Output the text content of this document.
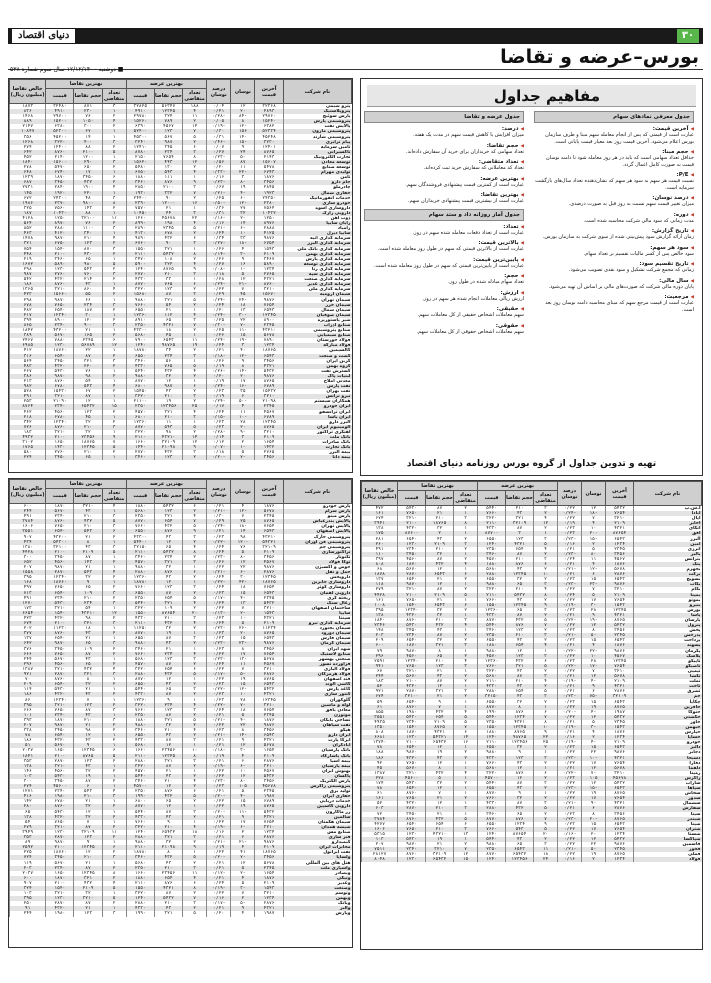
۳۰
دنیای اقتصاد
بورس–عرضه و تقاضا
■ دوشنبه ۱۲/۱۲/۱۴۰۰ سال سوم شماره ۵۳۸
نام شرکت	آخرین قیمت	نوسان	درصد نوسان	بهترین عرضه			بهترین تقاضا			خالص تقاضا (میلیون ریال)
				تعداد متقاضی	حجم تقاضا	قیمت	تعداد متقاضی	حجم تقاضا	قیمت	
پترو شیمی	۳۲۳۶۸	۱۲	۰/۰۴	۱۸۸	۵۶۳۴۷	۳۲۸۲۵	۳	۸۷۱	۳۲۴۸۰	۱۸۷۳
پتروپلاستیک	۴۸۹۳	۲۰	۰/۴۱	۴	۱۲۳۴۵	۴۹۱۰	۱	۲۳۰	۴۹۱۰	۸۳۶
پارس سوئیچ	۲۹۷۶۰	-۸۴	-۰/۲۸	۱۱	۳۲۴	۲۹۷۸۰	۲	۷۶	۲۹۷۰۰	۱۴۶۸
پتروشیمی پارس	۱۵۲۴۰	۸	۰/۰۵	۲	۷۸۹	۱۵۲۶۰	۴	۱۰۵۰	۱۵۲۰۰	۸۸۹
پالایش نفت	۶۳۸۲	-۱۲	-۰/۱۹	۱۴	۴۵۶۷	۶۳۹۰	۲	۳۰۰	۶۳۸۰	۲۱۴۷
پتروشیمی مارون	۵۲۳۳۴	۱۵۶	۰/۳۰	۷	۱۲۳	۵۲۴۰۰	۱	۶۷	۵۲۳۰۰	۱۰۸۴۷
پتروشیمی شازند	۴۵۲۴۸	۱۴۰	۰/۳۱	۵	۵۶۷	۴۵۳۰۰	۱	۱۴	۴۵۲۰۰	۳۵۶
پیام ترابری	۳۲۳۰	-۱۵	-۰/۴۶	۲	۹۸۷	۳۲۴۰	۳	۴۰۰	۳۲۲۰	۱۲۶۸
تامین سرمایه	۱۲۴۰۱	۹	۰/۰۷	۶	۳۴۵	۱۲۴۱۰	۲	۸۸	۱۲۴۰۰	۲۷۴
تاکسیرانی	۸۷۶۵	۲۴	۰/۲۷	۳	۲۳۴	۸۷۸۰	۵	۲۱۰۰	۸۷۶۰	۶۴۲
تجارت الکترونیک	۲۱۴۳	-۵	-۰/۲۳	۸	۷۶۵۴	۲۱۵۰	۱	۱۲۰۰	۲۱۴۰	۴۵۲
توسعه معادن	۱۵۶۰۷	۸۷	۰/۵۶	۱۲	۴۴۳	۱۵۶۲۰	۳	۲۹۰	۱۵۶۰۰	۱۸۴۰
توسعه صنایع	۵۴۷۸	۱۱	۰/۲۰	۲	۱۳۰	۵۴۸۰	۲	۶۵۰	۵۴۷۰	۲۷۸
تولیدی مهرام	۶۷۴۳	-۲۲	-۰/۳۳	۴	۵۴۳	۶۷۵۰	۱	۱۷	۶۷۴۰	۶۴۸
ثامن	۱۸۷۶	۳	۰/۱۶	۱	۱۱۱	۱۸۸۰	۶	۳۴۵۰	۱۸۷۰	۱۲۳۹
جام دارو	۳۴۵۶	-۸	-۰/۲۳	۹	۸۷۶	۳۴۶۰	۲	۴۳۲	۳۴۵۰	۶۸۷
چادرملو	۲۸۴۵	۱۹	۰/۶۷	۳	۲۱۰۰	۲۸۵۰	۴	۱۹۰۰	۲۸۴۰	۲۷۳۱
حفاری شمال	۱۹۲۳	-۴	-۰/۲۱	۷	۳۳۲	۱۹۳۰	۱	۲۲۰	۱۹۲۰	۱۴۵
خدمات انفورماتیک	۲۴۳۵۰	۶۰	۰/۲۵	۲	۹۰	۲۴۴۰۰	۳	۴۸	۲۴۳۰۰	۶۷۲
خودرو سازی	۲۳۸۰	-۱۲	-۰/۵۰	۱۶	۱۲۰۰۰	۲۳۹۰	۸	۹۸۰۰	۲۳۷۰	۱۹۸۶
داروسازی اسوه	۷۵۶۴	۲۷	۰/۳۶	۱	۲۱	۷۵۷۰	۲	۱۴۳	۷۵۶۰	۳۲۵
دارویی رازک	۱۰۴۳۲	۳۲	۰/۳۱	۳	۴۴	۱۰۴۵۰	۱	۸۸	۱۰۴۳۰	۱۸۷
ذوب آهن	۱۲۵۰	-۲	-۰/۱۶	۲۲	۴۵۶۷۸	۱۲۶۰	۱۱	۳۲۱۰۰	۱۲۵۰	۴۱۲۸
رایان سایپا	۸۹۷۶	۱۴	۰/۱۶	۴	۱۹۸	۸۹۹۰	۲	۷۶	۸۹۷۰	۵۶۴
زامیاد	۲۸۸۸	-۶	-۰/۲۱	۵	۲۳۴۵	۲۸۹۰	۳	۱۱۰۰	۲۸۸۰	۸۵۲
سایپا دیزل	۴۱۲۵	۱۰	۰/۲۴	۲	۶۷۸	۴۱۳۰	۱	۳۴۰	۴۱۲۰	۴۶۳
سرمایه گذاری آتیه	۹۸۷۶	۳۳	۰/۳۴	۶	۴۳۲	۹۸۹۰	۴	۲۱۰	۹۸۷۰	۱۴۷۸
سرمایه گذاری البرز	۶۷۵۴	-۱۸	-۰/۲۷	۳	۹۰	۶۷۶۰	۲	۱۲۳	۶۷۵۰	۳۲۱
سرمایه گذاری بانک ملی	۱۵۴۳	۴	۰/۲۶	۱	۳۲۱	۱۵۵۰	۳	۸۷۰	۱۵۴۰	۷۵۴
سرمایه گذاری بهمن	۲۱۰۹	-۳	-۰/۱۴	۸	۵۴۳۲	۲۱۱۰	۲	۴۳۰	۲۱۰۰	۴۴۸
سرمایه گذاری پارس	۳۴۶۷	۹	۰/۲۶	۲	۱۰۸	۳۴۷۰	۱	۶۵	۳۴۶۰	۲۱۹
سرمایه گذاری توسعه	۵۸۹۰	۱۶	۰/۲۷	۴	۳۲۲	۵۹۰۰	۵	۹۸۰	۵۸۹۰	۱۶۷۲
سرمایه گذاری رنا	۱۲۳۴	-۱	-۰/۰۸	۹	۸۷۶۵	۱۲۴۰	۲	۵۴۳	۱۲۳۰	۲۹۸
سرمایه گذاری سپه	۲۷۶۵	۵	۰/۱۸	۳	۲۱۰	۲۷۷۰	۳	۷۶۰	۲۷۶۰	۹۸۷
سرمایه گذاری صنعت	۴۳۲۱	۱۲	۰/۲۸	۱	۳۳	۴۳۳۰	۲	۲۱۴	۴۳۲۰	۵۴۲
سرمایه گذاری غدیر	۸۷۶۰	-۲۱	-۰/۲۴	۶	۷۶۵	۸۷۷۰	۱	۴۳	۸۷۶۰	۱۸۶
سرمایه گذاری ملی	۳۲۱۰	۷	۰/۲۲	۲	۱۲۳	۳۲۲۰	۴	۸۶۰	۳۲۱۰	۱۳۶۵
سیمان ارومیه	۱۵۶۷۰	۴۵	۰/۲۹	۳	۸۷	۱۵۶۸۰	۲	۵۵	۱۵۶۶۰	۴۲۳
سیمان تهران	۹۸۷۶	-۲۴	-۰/۲۴	۵	۳۲۱	۹۸۸۰	۱	۶۶	۹۸۷۰	۲۹۸
سیمان خزر	۷۶۵۴	۱۸	۰/۲۴	۲	۵۴	۷۶۶۰	۳	۲۳۴	۷۶۵۰	۶۷۸
سیمان شمال	۶۵۴۳	۱۳	۰/۲۰	۱	۲۱	۶۵۵۰	۲	۱۸۷	۶۵۴۰	۴۸۲
سیمان صوفیان	۱۲۳۴۵	-۳۰	-۰/۲۴	۴	۱۱۲	۱۲۳۶۰	۱	۳۰	۱۲۳۴۰	۲۱۷
شیر پاستوریزه	۸۹۰۰	۲۲	۰/۲۵	۳	۶۵	۸۹۱۰	۲	۱۲۰	۸۹۰۰	۳۹۴
صنایع آذرآب	۲۳۴۵	-۷	-۰/۳۰	۷	۴۳۲۱	۲۳۵۰	۳	۹۰۰	۲۳۴۰	۸۶۵
صنایع پتروشیمی	۴۳۲۱۰	۱۱۰	۰/۲۵	۲	۱۸	۴۳۳۰۰	۱	۲۱	۴۳۲۰۰	۱۸۴۲
صنایع شیمیایی	۵۶۷۸	۱۵	۰/۲۶	۱	۴۵	۵۶۸۰	۲	۱۶۵	۵۶۷۰	۳۸۹
فولاد خوزستان	۷۸۹۰	-۱۹	-۰/۲۴	۱۱	۶۵۴۳	۷۹۰۰	۶	۲۳۴۵	۷۸۸۰	۲۴۶۷
فولاد مبارکه	۱۲۳۴	۳	۰/۲۴	۱۹	۹۸۷۶۵	۱۲۴۰	۱۲	۵۶۷۸۹	۱۲۳۰	۶۹۸۵
کالسیمین	۱۸۷۶۵	۴۰	۰/۲۱	۲	۳۴	۱۸۷۸۰	۱	۲۲	۱۸۷۶۰	۴۱۲
کشت و صنعت	۶۵۴۳	-۱۲	-۰/۱۸	۳	۲۳۴	۶۵۵۰	۲	۸۷	۶۵۴۰	۳۱۶
کربن ایران	۳۴۵۶	۹	۰/۲۶	۱	۵۶	۳۴۶۰	۳	۳۲۱	۳۴۵۰	۵۶۴
گروه بهمن	۴۳۲۱	۸	۰/۱۹	۵	۷۶۵	۴۳۳۰	۲	۲۲۰	۴۳۲۰	۴۸۳
گسترش نفت	۵۴۳۲	-۱۴	-۰/۲۶	۴	۴۳۲	۵۴۴۰	۱	۷۶	۵۴۳۰	۲۶۷
لبنیات پاک	۹۸۷۶	۲۰	۰/۲۰	۲	۳۲	۹۸۸۰	۲	۹۸	۹۸۷۰	۳۸۶
معدنی املاح	۸۷۶۵	۱۷	۰/۱۹	۱	۱۲	۸۷۷۰	۱	۵۴	۸۷۶۰	۲۱۳
نفت پارس	۶۷۸۹	-۱۶	-۰/۲۴	۶	۹۸۷	۶۸۰۰	۴	۵۴۳	۶۷۸۰	۹۸۲
نفت بهران	۱۵۴۳۲	۳۵	۰/۲۳	۲	۴۳	۱۵۴۵۰	۲	۶۷	۱۵۴۳۰	۵۲۸
نیرو ترانس	۳۲۱۰	۶	۰/۱۹	۳	۲۱۰	۳۲۲۰	۱	۸۷	۳۲۱۰	۲۹۱
همکاران سیستم	۲۱۰۹۸	-۵۰	-۰/۲۴	۲	۱۹	۲۱۱۰۰	۱	۱۲	۲۱۰۹۰	۲۵۳
ایران خودرو	۲۳۴۵	۴	۰/۱۷	۲۵	۱۲۳۴۵۶	۲۳۵۰	۱۵	۶۵۴۳۲	۲۳۴۰	۸۷۶۴
ایران ترانسفو	۴۵۶۷	۱۱	۰/۲۴	۴	۳۲۱	۴۵۷۰	۲	۱۲۳	۴۵۶۰	۴۶۲
ایران یاسا	۶۷۸۹	-۱۰	-۰/۱۵	۳	۲۱۰	۶۸۰۰	۱	۴۵	۶۷۸۰	۲۱۸
البرز دارو	۱۲۳۴۵	۲۸	۰/۲۳	۱	۱۱	۱۲۳۶۰	۲	۳۲	۱۲۳۴۰	۳۴۲
آلومینیوم ایران	۸۷۶۵	۲۰	۰/۲۳	۵	۵۴۳	۸۷۷۰	۳	۲۱۰	۸۷۶۰	۷۲۶
آهنگری تراکتور	۳۲۱۰	-۹	-۰/۲۸	۲	۹۸	۳۲۲۰	۱	۳۲	۳۲۱۰	۱۸۳
بانک ملت	۲۱۰۹	۳	۰/۱۴	۱۴	۴۳۲۱۰	۲۱۱۰	۹	۲۳۴۵۶	۲۱۰۰	۴۹۳۲
بانک صادرات	۱۶۵۴	۲	۰/۱۲	۱۲	۳۲۱۰۹	۱۶۶۰	۷	۱۸۷۶۵	۱۶۵۰	۳۱۰۲
بانک تجارت	۱۴۳۲	-۱	-۰/۰۷	۹	۲۱۰۹۸	۱۴۴۰	۵	۱۲۳۴۵	۱۴۳۰	۱۷۶۵
بیمه البرز	۲۷۶۵	۵	۰/۱۸	۳	۴۳۲	۲۷۷۰	۲	۲۱۰	۲۷۶۰	۵۸۰
بیمه دانا	۳۴۵۶	-۷	-۰/۲۰	۲	۱۲۳	۳۴۶۰	۱	۶۵	۳۴۵۰	۲۲۴
نام شرکت	آخرین قیمت	نوسان	درصد نوسان	بهترین عرضه			بهترین تقاضا			خالص تقاضا (میلیون ریال)
				تعداد متقاضی	حجم تقاضا	قیمت	تعداد متقاضی	حجم تقاضا	قیمت	
پارس خودرو	۱۸۷۶	۴	۰/۲۱	۶	۵۴۳۲	۱۸۸۰	۴	۳۲۱۰	۱۸۷۰	۶۰۰
پارس سرام	۵۶۷۸	-۱۲	-۰/۲۱	۲	۱۲۳	۵۶۸۰	۱	۴۳	۵۶۷۰	۲۴۴
پارس مینو	۲۳۴۵	۷	۰/۳۰	۴	۳۲۱	۲۳۵۰	۳	۲۱۰	۲۳۴۰	۴۹۱
پالایش بندرعباس	۸۷۶۵	۲۵	۰/۲۹	۷	۶۵۴	۸۷۷۰	۵	۴۳۲	۸۷۶۰	۳۷۸۴
پالایش تهران	۷۶۵۴	-۱۸	-۰/۲۴	۵	۴۳۲	۷۶۶۰	۳	۲۱۰	۷۶۵۰	۱۶۰۶
پالایش اصفهان	۶۵۴۳	۱۴	۰/۲۱	۹	۸۷۶	۶۵۵۰	۶	۵۴۳	۶۵۴۰	۳۵۵۱
پتروشیمی خارک	۴۳۲۱۰	۹۸	۰/۲۳	۳	۴۳	۴۳۳۰۰	۲	۲۱	۴۳۲۰۰	۹۰۷
پتروشیمی فن آوران	۵۴۳۲۱	-۱۲۰	-۰/۲۲	۲	۱۲	۵۴۴۰۰	۱	۸	۵۴۳۰۰	۴۳۴
پتروشیمی جم	۳۲۱۰۹	۷۶	۰/۲۴	۴	۶۵	۳۲۱۵۰	۳	۴۳	۳۲۱۰۰	۱۳۸۰
تراکتورسازی	۲۱۰۹	۵	۰/۲۴	۸	۵۴۳۲	۲۱۱۰	۵	۲۱۰۹	۲۱۰۰	۴۴۲۸
تکنوتار	۳۴۵۶	-۸	-۰/۲۳	۲	۲۳۴	۳۴۶۰	۱	۸۷	۳۴۵۰	۳۰۰
توکا فولاد	۴۵۶۷	۱۲	۰/۲۶	۳	۳۲۱	۴۵۷۰	۲	۱۴۳	۴۵۶۰	۶۵۲
جوش و اکسیژن	۹۸۷۶	۲۲	۰/۲۲	۱	۳۲	۹۸۸۰	۱	۲۱	۹۸۷۰	۲۰۷
حمل و نقل	۲۸۷۶	-۶	-۰/۲۱	۶	۸۷۶	۲۸۸۰	۴	۵۴۳	۲۸۷۰	۱۵۵۸
داروپخش	۱۲۳۴۵	۳۰	۰/۲۴	۲	۴۳	۱۲۳۶۰	۲	۳۲	۱۲۳۴۰	۳۹۵
داروسازی جابربن	۱۸۷۶۵	-۴۲	-۰/۲۲	۱	۱۲	۱۸۷۸۰	۱	۹	۱۸۷۶۰	۱۶۸
داروسازی کوثر	۷۶۵۴	۱۸	۰/۲۴	۳	۱۲۳	۷۶۶۰	۲	۶۵	۷۶۵۰	۴۹۷
دارویی لقمان	۶۵۴۳	۱۵	۰/۲۳	۲	۸۷	۶۵۵۰	۳	۱۰۹	۶۵۴۰	۷۱۳
ریخته گری	۲۳۴۵	-۴	-۰/۱۷	۵	۶۵۴	۲۳۵۰	۲	۲۱۰	۲۳۴۰	۴۹۱
زغال سنگ	۵۴۳۲	۱۳	۰/۲۴	۴	۳۲۱	۵۴۴۰	۳	۲۳۴	۵۴۳۰	۱۲۷۰
ساختمان اصفهان	۳۲۱۰	۷	۰/۲۲	۲	۱۰۹	۳۲۲۰	۱	۵۴	۳۲۱۰	۱۷۳
سایپا	۱۵۴۳	-۲	-۰/۱۳	۲۰	۸۷۶۵۴	۱۵۵۰	۱۲	۴۳۲۱۰	۱۵۴۰	۶۶۵۴
سپنتا	۴۳۲۱	۱۰	۰/۲۳	۳	۲۱۰	۴۳۳۰	۲	۹۸	۴۳۲۰	۴۲۳
سرمایه گذاری نیرو	۲۱۰۹	۵	۰/۲۴	۴	۴۳۲	۲۱۱۰	۳	۳۲۱	۲۱۰۰	۶۷۴
سیمان بجنورد	۱۱۲۳۴	-۲۶	-۰/۲۳	۲	۳۲	۱۱۲۵۰	۱	۱۸	۱۱۲۳۰	۲۰۲
سیمان دورود	۸۷۶۵	۲۰	۰/۲۳	۱	۱۹	۸۷۷۰	۲	۴۳	۸۷۶۰	۳۷۷
سیمان فارس	۶۵۴۳	۱۵	۰/۲۳	۳	۸۷	۶۵۵۰	۱	۲۱	۶۵۴۰	۱۳۷
سیمان کرمان	۹۸۷۶	-۲۳	-۰/۲۳	۲	۴۳	۹۸۸۰	۳	۶۵	۹۸۷۰	۶۴۲
شهد ایران	۳۴۵۶	۸	۰/۲۳	۱	۲۱	۳۴۶۰	۲	۱۰۹	۳۴۵۰	۳۷۶
صنایع لاستیک	۷۶۵۴	۱۷	۰/۲۲	۴	۲۳۴	۷۶۶۰	۲	۸۷	۷۶۵۰	۶۶۶
صنعتی بهشهر	۵۶۷۸	-۱۳	-۰/۲۳	۳	۱۲۳	۵۶۸۰	۱	۴۳	۵۶۷۰	۲۴۴
فرآورده نسوز	۴۵۶۷	۱۱	۰/۲۴	۲	۸۷	۴۵۷۰	۲	۶۵	۴۵۶۰	۲۹۶
فولاد آلیاژی	۳۲۱۰	۷	۰/۲۲	۶	۶۵۴	۳۲۲۰	۴	۴۳۲	۳۲۱۰	۱۳۸۷
فولاد هرمزگان	۲۸۷۶	-۵	-۰/۱۷	۵	۴۳۲	۲۸۸۰	۳	۳۲۱	۲۸۷۰	۹۲۱
قند اصفهان	۸۷۶۵	۱۹	۰/۲۲	۱	۱۲	۸۷۷۰	۱	۸	۸۷۶۰	۷۰
کاشی الوند	۶۵۴۳	۱۵	۰/۲۳	۲	۴۳	۶۵۵۰	۲	۳۲	۶۵۴۰	۲۰۹
کاغذ پارس	۵۴۳۲	-۱۲	-۰/۲۲	۳	۶۵	۵۴۴۰	۱	۲۱	۵۴۳۰	۱۱۴
کنتور سازی	۴۳۲۱	۱۰	۰/۲۳	۲	۸۷	۴۳۳۰	۲	۴۳	۴۳۲۰	۱۸۶
گلوکوزان	۱۲۳۴۵	۲۸	۰/۲۳	۱	۹	۱۲۳۶۰	۱	۷	۱۲۳۴۰	۸۶
لوله و ماشین	۳۲۱۰	-۷	-۰/۲۲	۴	۲۳۴	۳۲۲۰	۲	۱۲۳	۳۲۱۰	۳۹۵
معادن بافق	۷۶۵۴	۱۸	۰/۲۴	۳	۱۲۳	۷۶۶۰	۳	۸۷	۷۶۵۰	۶۶۶
موتوژن	۲۳۴۵	۵	۰/۲۱	۲	۸۷	۲۳۵۰	۱	۴۳	۲۳۴۰	۱۰۱
نساجی بابکان	۱۸۷۶	-۴	-۰/۲۱	۵	۳۲۱	۱۸۸۰	۳	۲۱۰	۱۸۷۰	۳۹۳
نفت سپاهان	۹۸۷۶	۲۲	۰/۲۲	۲	۳۲	۹۸۸۰	۲	۲۱	۹۸۷۰	۲۰۷
هپکو	۳۴۵۶	۸	۰/۲۳	۴	۲۱۰	۳۴۶۰	۲	۹۸	۳۴۵۰	۳۳۸
ایران دارو	۶۵۴۳	-۱۴	-۰/۲۱	۲	۴۳	۶۵۵۰	۱	۱۲	۶۵۴۰	۷۸
ایرکا پارت	۴۳۲۱	۹	۰/۲۱	۳	۸۷	۴۳۳۰	۲	۴۳	۴۳۲۰	۱۸۶
آبادگران	۵۶۷۸	۱۲	۰/۲۱	۱	۱۲	۵۶۸۰	۱	۹	۵۶۷۰	۵۱
بانک پارسیان	۱۶۵۴	-۳	-۰/۱۸	۱۰	۲۳۴۵۶	۱۶۶۰	۶	۱۲۳۴۵	۱۶۵۰	۲۰۳۷
بانک پاسارگاد	۲۱۰۹	۴	۰/۱۹	۸	۱۲۳۴۵	۲۱۱۰	۵	۸۷۶۵	۲۱۰۰	۱۸۴۱
بیمه آسیا	۲۸۷۶	۶	۰/۲۱	۳	۳۲۱	۲۸۸۰	۲	۱۲۳	۲۸۷۰	۳۵۳
بیمه پارسیان	۳۲۱۰	-۶	-۰/۱۹	۲	۸۷	۳۲۲۰	۱	۴۳	۳۲۱۰	۱۳۸
بهنوش ایران	۴۵۶۷	۱۰	۰/۲۲	۱	۲۱	۴۵۷۰	۲	۳۲	۴۵۶۰	۱۴۶
پاکسان	۵۴۳۲	۱۲	۰/۲۲	۲	۴۳	۵۴۴۰	۱	۱۹	۵۴۳۰	۱۰۳
پارس الکتریک	۳۴۵۶	-۸	-۰/۲۳	۴	۲۱۰	۳۴۶۰	۲	۸۷	۳۴۵۰	۳۰۰
پتروشیمی زاگرس	۴۵۶۷۸	۱۰۵	۰/۲۳	۲	۱۲	۴۵۷۰۰	۱	۶	۴۵۶۰۰	۲۷۴
تولید برق	۲۳۴۵	۵	۰/۲۱	۶	۸۷۶	۲۳۵۰	۴	۵۴۳	۲۳۴۰	۱۲۷۱
حفاری ایران	۱۹۸۷	-۴	-۰/۲۰	۵	۴۳۲	۱۹۹۰	۳	۲۱۰	۱۹۸۰	۴۱۶
خدمات دریایی	۶۷۸۹	۱۵	۰/۲۲	۲	۶۵	۶۸۰۰	۱	۲۱	۶۷۸۰	۱۴۲
دارویی کاسپین	۸۷۶۵	۱۹	۰/۲۲	۱	۱۲	۸۷۷۰	۲	۳۲	۸۷۶۰	۲۸۰
زر ماکارون	۵۴۳۲	-۱۱	-۰/۲۰	۳	۸۷	۵۴۴۰	۱	۱۲	۵۴۳۰	۶۵
سالمین	۴۳۲۱	۹	۰/۲۱	۲	۴۳	۴۳۳۰	۲	۳۲	۴۳۲۰	۱۳۸
سیمان هگمتان	۷۶۵۴	۱۷	۰/۲۲	۱	۹	۷۶۶۰	۱	۷	۷۶۵۰	۵۴
شیشه همدان	۳۲۱۰	-۶	-۰/۱۹	۴	۲۱۰	۳۲۲۰	۲	۸۷	۳۲۱۰	۲۷۹
صنایع مس	۱۲۳۴	۲	۰/۱۶	۱۸	۶۵۴۳۲	۱۲۴۰	۱۱	۳۲۱۰۹	۱۲۳۰	۳۹۴۹
فنر سازی	۲۸۷۶	۶	۰/۲۱	۳	۳۲۱	۲۸۸۰	۲	۱۲۳	۲۸۷۰	۳۵۳
کیمیدارو	۹۸۷۶	-۲۱	-۰/۲۱	۲	۳۲	۹۸۸۰	۱	۹	۹۸۷۰	۸۹
مخابرات ایران	۲۱۰۹	۴	۰/۱۹	۹	۲۱۰۹۸	۲۱۱۰	۶	۱۲۳۴۵	۲۱۰۰	۲۵۹۲
نفت ایرانول	۱۸۷۶۵	۴۱	۰/۲۲	۱	۸	۱۸۷۸۰	۲	۱۲	۱۸۷۶۰	۲۲۵
ولساپا	۳۴۵۶	-۷	-۰/۲۰	۵	۴۳۲	۳۴۶۰	۳	۲۱۰	۳۴۵۰	۷۲۴
هتل های بین المللی	۵۶۷۸	۱۲	۰/۲۱	۲	۴۳	۵۶۸۰	۱	۲۱	۵۶۷۰	۱۱۹
واسپاری ملت	۲۳۴۵	۵	۰/۲۱	۳	۲۱۰	۲۳۵۰	۲	۸۷	۲۳۴۰	۲۰۳
وبصادر	۱۶۵۴	-۲	-۰/۱۲	۱۱	۲۳۴۵۶	۱۶۶۰	۸	۱۲۳۴۵	۱۶۵۰	۲۰۳۷
ونیکی	۱۸۷۶	۴	۰/۲۱	۴	۶۵۴	۱۸۸۰	۲	۳۲۱	۱۸۷۰	۶۰۰
وغدیر	۲۱۰۹	۵	۰/۲۴	۶	۸۷۶	۲۱۱۰	۴	۴۳۲	۲۱۰۰	۹۰۷
وصنعت	۱۵۴۳	-۳	-۰/۱۹	۸	۴۳۲۱	۱۵۵۰	۵	۲۱۰۹	۱۵۴۰	۳۲۴
وتوسم	۳۲۱۰	۷	۰/۲۲	۲	۸۷	۳۲۲۰	۱	۳۲	۳۲۱۰	۱۰۳
وبهمن	۱۲۳۴	۲	۰/۱۶	۷	۵۴۳۲	۱۲۴۰	۵	۳۲۱۰	۱۲۳۰	۳۹۵
وبانک	۲۸۷۶	-۵	-۰/۱۷	۳	۲۱۰	۲۸۸۰	۲	۸۷	۲۸۷۰	۲۵۰
والبر	۴۳۲۱	۹	۰/۲۱	۲	۴۳	۴۳۳۰	۱	۲۱	۴۳۲۰	۹۱
وپارس	۱۹۸۷	۴	۰/۲۰	۵	۳۲۱	۱۹۹۰	۳	۱۲۳	۱۹۸۰	۲۴۴
نام شرکت	آخرین قیمت	نوسان	درصد نوسان	بهترین عرضه			بهترین تقاضا			خالص تقاضا (میلیون ریال)
				تعداد متقاضی	حجم تقاضا	قیمت	تعداد متقاضی	حجم تقاضا	قیمت	
آ.س.پ	۵۴۳۲	۱۲	۰/۲۲	۳	۲۱۰	۵۴۴۰	۲	۸۷	۵۴۳۰	۴۷۲
آبادا	۷۶۵۴	-۱۸	-۰/۲۴	۲	۴۳	۷۶۶۰	۱	۲۱	۷۶۵۰	۱۶۱
اپال	۳۲۱۰	۷	۰/۲۲	۴	۳۲۱	۳۲۲۰	۳	۲۱۰	۳۲۱۰	۶۷۴
اخابر	۲۱۰۹	۴	۰/۱۹	۱۲	۳۲۱۰۹	۲۱۱۰	۸	۱۸۷۶۵	۲۱۰۰	۳۹۴۱
اتکای	۴۳۲۱	۱۰	۰/۲۳	۲	۸۷	۴۳۳۰	۱	۳۲	۴۳۲۰	۱۳۸
افق	۸۷۶۵۴	۲۰۰	۰/۲۳	۱	۳	۸۷۷۰۰	۱	۲	۸۷۶۰۰	۱۷۵
البرز	۶۵۴۳	-۱۵	-۰/۲۳	۳	۱۲۳	۶۵۵۰	۲	۴۳	۶۵۴۰	۲۸۱
امین	۱۲۳۴	۲	۰/۱۶	۵	۴۳۲۱	۱۲۴۰	۳	۲۱۰۹	۱۲۳۰	۲۶۰
انرژی	۲۳۴۵	۵	۰/۲۱	۴	۶۵۴	۲۳۵۰	۲	۲۱۰	۲۳۴۰	۴۹۱
بالبر	۳۴۵۶	-۸	-۰/۲۳	۲	۸۷	۳۴۶۰	۱	۳۲	۳۴۵۰	۱۱۰
بترانس	۴۵۶۷	۱۱	۰/۲۴	۳	۲۱۰	۴۵۷۰	۲	۸۷	۴۵۶۰	۳۹۷
بتک	۱۸۷۶	۴	۰/۲۱	۶	۸۷۶	۱۸۸۰	۴	۴۳۲	۱۸۷۰	۸۰۸
بجهرم	۵۶۷۸	-۱۲	-۰/۲۱	۲	۴۳	۵۶۸۰	۱	۱۲	۵۶۷۰	۶۸
برکت	۲۸۷۶	۶	۰/۲۱	۱۰	۱۲۳۴۵	۲۸۸۰	۶	۶۵۴۳	۲۸۷۰	۱۸۷۸
بسویچ	۶۵۴۳	۱۵	۰/۲۳	۲	۳۲	۶۵۵۰	۲	۲۱	۶۵۴۰	۱۳۷
بکاب	۹۸۷۶	-۲۳	-۰/۲۳	۳	۶۵	۹۸۸۰	۱	۱۲	۹۸۷۰	۱۱۸
بکام	۳۲۱۰	۷	۰/۲۲	۴	۲۱۰	۳۲۲۰	۲	۸۷	۳۲۱۰	۲۷۹
بمپنا	۲۱۰۹	۵	۰/۲۴	۸	۵۴۳۲	۲۱۱۰	۵	۲۱۰۹	۲۱۰۰	۴۴۲۸
بموتو	۷۶۵۴	۱۷	۰/۲۲	۲	۴۳	۷۶۶۰	۱	۲۱	۷۶۵۰	۱۶۱
بنیرو	۱۵۴۳	-۳	-۰/۱۹	۹	۱۲۳۴۵	۱۵۵۰	۶	۶۵۴۳	۱۵۴۰	۱۰۰۸
بورس	۱۲۳۴۵	۲۸	۰/۲۳	۳	۶۵	۱۲۳۶۰	۲	۳۲	۱۲۳۴۰	۳۹۵
پاسا	۴۳۲۱	۹	۰/۲۱	۲	۸۷	۴۳۳۰	۱	۳۲	۴۳۲۰	۱۳۸
پارسان	۸۷۶۵	-۱۹	-۰/۲۲	۵	۴۳۲	۸۷۷۰	۳	۲۱۰	۸۷۶۰	۱۸۴۰
پترول	۵۴۳۲	۱۲	۰/۲۲	۷	۸۷۶	۵۴۴۰	۴	۴۳۲	۵۴۳۰	۲۳۴۶
پخش	۳۴۵۶	۸	۰/۲۳	۲	۱۲۳	۳۴۶۰	۱	۴۳	۳۴۵۰	۱۴۸
پدرخش	۲۳۴۵	-۵	-۰/۲۱	۳	۲۱۰	۲۳۵۰	۲	۸۷	۲۳۴۰	۲۰۳
پرداخت	۶۵۴۳	۱۵	۰/۲۳	۲	۴۳	۶۵۵۰	۲	۳۲	۶۵۴۰	۲۰۹
پسهند	۱۸۷۶	۴	۰/۲۱	۴	۶۵۴	۱۸۸۰	۳	۳۲۱	۱۸۷۰	۶۰۰
پکرمان	۹۸۷۶	-۲۲	-۰/۲۲	۱	۱۲	۹۸۸۰	۱	۸	۹۸۷۰	۷۹
پلاسک	۴۵۶۷	۱۰	۰/۲۲	۳	۱۲۳	۴۵۷۰	۲	۶۵	۴۵۶۰	۲۹۶
تاپیکو	۱۲۳۴۵	۲۸	۰/۲۳	۶	۴۳۲	۱۲۳۶۰	۴	۲۱۰	۱۲۳۴۰	۲۵۹۱
تاصیکو	۷۶۵۴	-۱۷	-۰/۲۲	۵	۳۲۱	۷۶۶۰	۳	۱۲۳	۷۶۵۰	۹۴۱
تپمپی	۳۲۱۰	۷	۰/۲۲	۲	۴۳	۳۲۲۰	۱	۲۱	۳۲۱۰	۶۷
تکشا	۵۶۷۸	۱۲	۰/۲۱	۳	۸۷	۵۶۸۰	۲	۴۳	۵۶۷۰	۲۴۴
تملت	۲۱۰۹	-۴	-۰/۱۹	۴	۲۱۰	۲۱۱۰	۲	۸۷	۲۱۰۰	۱۸۳
ثاخت	۴۳۲۱	۹	۰/۲۱	۲	۴۳	۴۳۳۰	۱	۱۲	۴۳۲۰	۵۲
ثشرق	۲۸۷۶	۶	۰/۲۱	۵	۶۵۴	۲۸۸۰	۳	۳۲۱	۲۸۷۰	۹۲۱
جم	۳۲۱۰۹	-۷۵	-۰/۲۳	۳	۴۳	۳۲۱۵۰	۲	۲۱	۳۲۱۰۰	۶۷۴
چکاپا	۶۵۴۳	۱۵	۰/۲۳	۲	۳۲	۶۵۵۰	۱	۹	۶۵۴۰	۵۹
حآفرین	۸۷۶۵	۱۹	۰/۲۲	۱	۸	۸۷۷۰	۱	۷	۸۷۶۰	۶۱
حتوکا	۱۹۸۷	-۴	-۰/۲۰	۶	۸۷۶	۱۹۹۰	۴	۴۳۲	۱۹۸۰	۸۵۵
حکشتی	۵۴۳۲	۱۲	۰/۲۲	۷	۱۲۳۴	۵۴۴۰	۵	۶۵۴	۵۴۳۰	۳۵۵۱
خاور	۲۳۴۵	۵	۰/۲۱	۸	۴۳۲۱	۲۳۵۰	۵	۲۱۰۹	۲۳۴۰	۴۹۳۵
خبهمن	۱۵۴۳	-۳	-۰/۱۹	۱۰	۱۲۳۴۵	۱۵۵۰	۷	۸۷۶۵	۱۵۴۰	۱۳۵۰
خپارس	۱۸۷۶	۴	۰/۲۱	۹	۸۷۶۵	۱۸۸۰	۶	۴۳۲۱	۱۸۷۰	۸۰۸
خساپا	۱۲۳۴	۲	۰/۱۶	۲۲	۹۸۷۶۵	۱۲۴۰	۱۴	۵۴۳۲۱	۱۲۳۰	۶۶۸۱
خودرو	۲۱۰۹	-۴	-۰/۱۹	۲۵	۱۲۳۴۵۶	۲۱۱۰	۱۶	۶۵۴۳۲	۲۱۰۰	۱۳۷۴۰
دالبر	۶۵۴۳	۱۵	۰/۲۳	۲	۳۲	۶۵۵۰	۱	۱۲	۶۵۴۰	۷۸
دجابر	۹۸۷۶	۲۲	۰/۲۲	۱	۹	۹۸۸۰	۲	۱۹	۹۸۷۰	۱۸۸
دسبحا	۴۳۲۱	-۱۰	-۰/۲۳	۳	۱۲۳	۴۳۳۰	۲	۴۳	۴۳۲۰	۱۸۶
دفارا	۷۶۵۴	۱۷	۰/۲۲	۲	۴۳	۷۶۶۰	۱	۱۲	۷۶۵۰	۹۲
دلقما	۵۶۷۸	۱۲	۰/۲۱	۱	۱۲	۵۶۸۰	۱	۸	۵۶۷۰	۴۵
رمپنا	۳۲۱۰	-۷	-۰/۲۲	۶	۸۷۶	۳۲۲۰	۴	۴۳۲	۳۲۱۰	۱۳۸۷
زاگرس	۴۵۶۷۸	۱۰۵	۰/۲۳	۲	۱۲	۴۵۷۰۰	۱	۵	۴۵۶۰۰	۲۲۸
ساراب	۵۴۳۲	۱۲	۰/۲۲	۳	۸۷	۵۴۴۰	۲	۳۲	۵۴۳۰	۱۷۴
سپاها	۶۵۴۳	-۱۵	-۰/۲۳	۲	۴۳	۶۵۵۰	۱	۱۲	۶۵۴۰	۷۸
سخاش	۸۷۶۵	۱۹	۰/۲۲	۱	۹	۸۷۷۰	۱	۷	۸۷۶۰	۶۱
سدور	۷۶۵۴	۱۷	۰/۲۲	۲	۳۲	۷۶۶۰	۲	۲۱	۷۶۵۰	۱۶۱
سشمال	۴۳۲۱	-۹	-۰/۲۱	۳	۸۷	۴۳۳۰	۱	۱۲	۴۳۲۰	۵۲
سفارس	۲۸۷۶	۶	۰/۲۱	۵	۴۳۲	۲۸۸۰	۳	۲۱۰	۲۸۷۰	۶۰۳
سیتا	۳۴۵۶	۸	۰/۲۳	۲	۶۵	۳۴۶۰	۱	۲۱	۳۴۵۰	۷۲
شبندر	۸۷۶۵	-۲۰	-۰/۲۳	۷	۸۷۶	۸۷۷۰	۵	۴۳۲	۸۷۶۰	۳۷۸۴
شپنا	۶۵۴۳	۱۵	۰/۲۳	۹	۱۲۳۴	۶۵۵۰	۶	۶۵۴	۶۵۴۰	۴۲۷۷
شتران	۷۶۵۴	۱۷	۰/۲۲	۵	۵۴۳	۷۶۶۰	۳	۲۱۰	۷۶۵۰	۱۶۰۶
شستا	۱۲۳۴	-۲	-۰/۱۶	۲۰	۸۷۶۵۴	۱۲۴۰	۱۳	۴۳۲۱۰	۱۲۳۰	۵۳۱۵
شپاکسا	۵۴۳۲	۱۲	۰/۲۲	۲	۴۳	۵۴۴۰	۱	۱۹	۵۴۳۰	۱۰۳
فاسمین	۹۸۷۶	۲۲	۰/۲۲	۳	۶۵	۹۸۸۰	۲	۲۱	۹۸۷۰	۲۰۷
فخوز	۲۳۴۵	-۵	-۰/۲۱	۱۱	۶۵۴۳	۲۳۵۰	۷	۳۲۱۰	۲۳۴۰	۷۵۱۱
فملی	۸۷۶۵	۱۹	۰/۲۲	۱۸	۶۵۴۳۲	۸۷۷۰	۱۲	۳۲۱۰۹	۸۷۶۰	۲۸۱۲۷
فولاد	۱۲۳۴	۲	۰/۱۶	۲۴	۱۲۳۴۵۶	۱۲۴۰	۱۵	۶۵۴۳۲	۱۲۳۰	۸۰۴۸
مفاهیم جداول
جدول معرفی نمادهای سهام
◀ آخرین قیمت:
عبارت است از قیمتی که پس از انجام معامله سهم مبنا و طرف سازمان بورس اعلام می‌شود. آخرین قیمت روز بعد معیار قیمت پایانی است.
◀ حجم مبنا:
حداقل تعداد سهامی است که باید در هر روز معامله شود تا دامنه نوسان قیمت به صورت کامل اعمال گردد.
◀ P/E:
نسبت قیمت هر سهم به سود هر سهم که نشان‌دهنده تعداد سال‌های بازگشت سرمایه است.
◀ درصد نوسان:
میزان تغییر قیمت سهم نسبت به روز قبل به صورت درصدی.
◀ دوره:
مدت زمانی که سود مالی شرکت محاسبه شده است.
◀ تاریخ گزارش:
زمان ارائه گزارش سود پیش‌بینی شده از سوی شرکت به سازمان بورس.
◀ سود هر سهم:
سود خالص پس از کسر مالیات تقسیم بر تعداد سهام.
◀ تاریخ تقسیم سود:
زمانی که مجمع شرکت تشکیل و سود نقدی تصویب می‌شود.
◀ سال مالی:
پایان دوره مالی شرکت که صورت‌های مالی بر اساس آن تهیه می‌شود.
◀ مرجعیت:
عبارت است از قیمت مرجع سهم که مبنای محاسبه دامنه نوسان روز بعد است.
جدول عرضه و تقاضا
◀ درصد:
میزان افزایش یا کاهش قیمت سهم در مدت یک هفته.
◀ حجم تقاضا:
تعداد سهامی که خریداران برای خرید آن سفارش داده‌اند.
◀ تعداد متقاضی:
تعداد کد معاملاتی که سفارش خرید ثبت کرده‌اند.
◀ بهترین عرضه:
عبارت است از کمترین قیمت پیشنهادی فروشندگان سهم.
◀ بهترین تقاضا:
عبارت است از بیشترین قیمت پیشنهادی خریداران سهم.
جدول آمار روزانه داد و ستد سهام
◀ تعداد:
عبارت است از تعداد دفعات معامله شده سهم در روز.
◀ بالاترین قیمت:
عبارت است از بالاترین قیمتی که سهم در طول روز معامله شده است.
◀ پایین‌ترین قیمت:
عبارت است از پایین‌ترین قیمتی که سهم در طول روز معامله شده است.
◀ حجم:
تعداد سهام مبادله شده در طول روز.
◀ ارزش:
ارزش ریالی معاملات انجام شده هر سهم در روز.
◀ حقیقی:
سهم معاملات اشخاص حقیقی از کل معاملات سهم.
◀ حقوقی:
سهم معاملات اشخاص حقوقی از کل معاملات سهم.
تهیه و تدوین جداول از گروه بورس روزنامه دنیای اقتصاد
